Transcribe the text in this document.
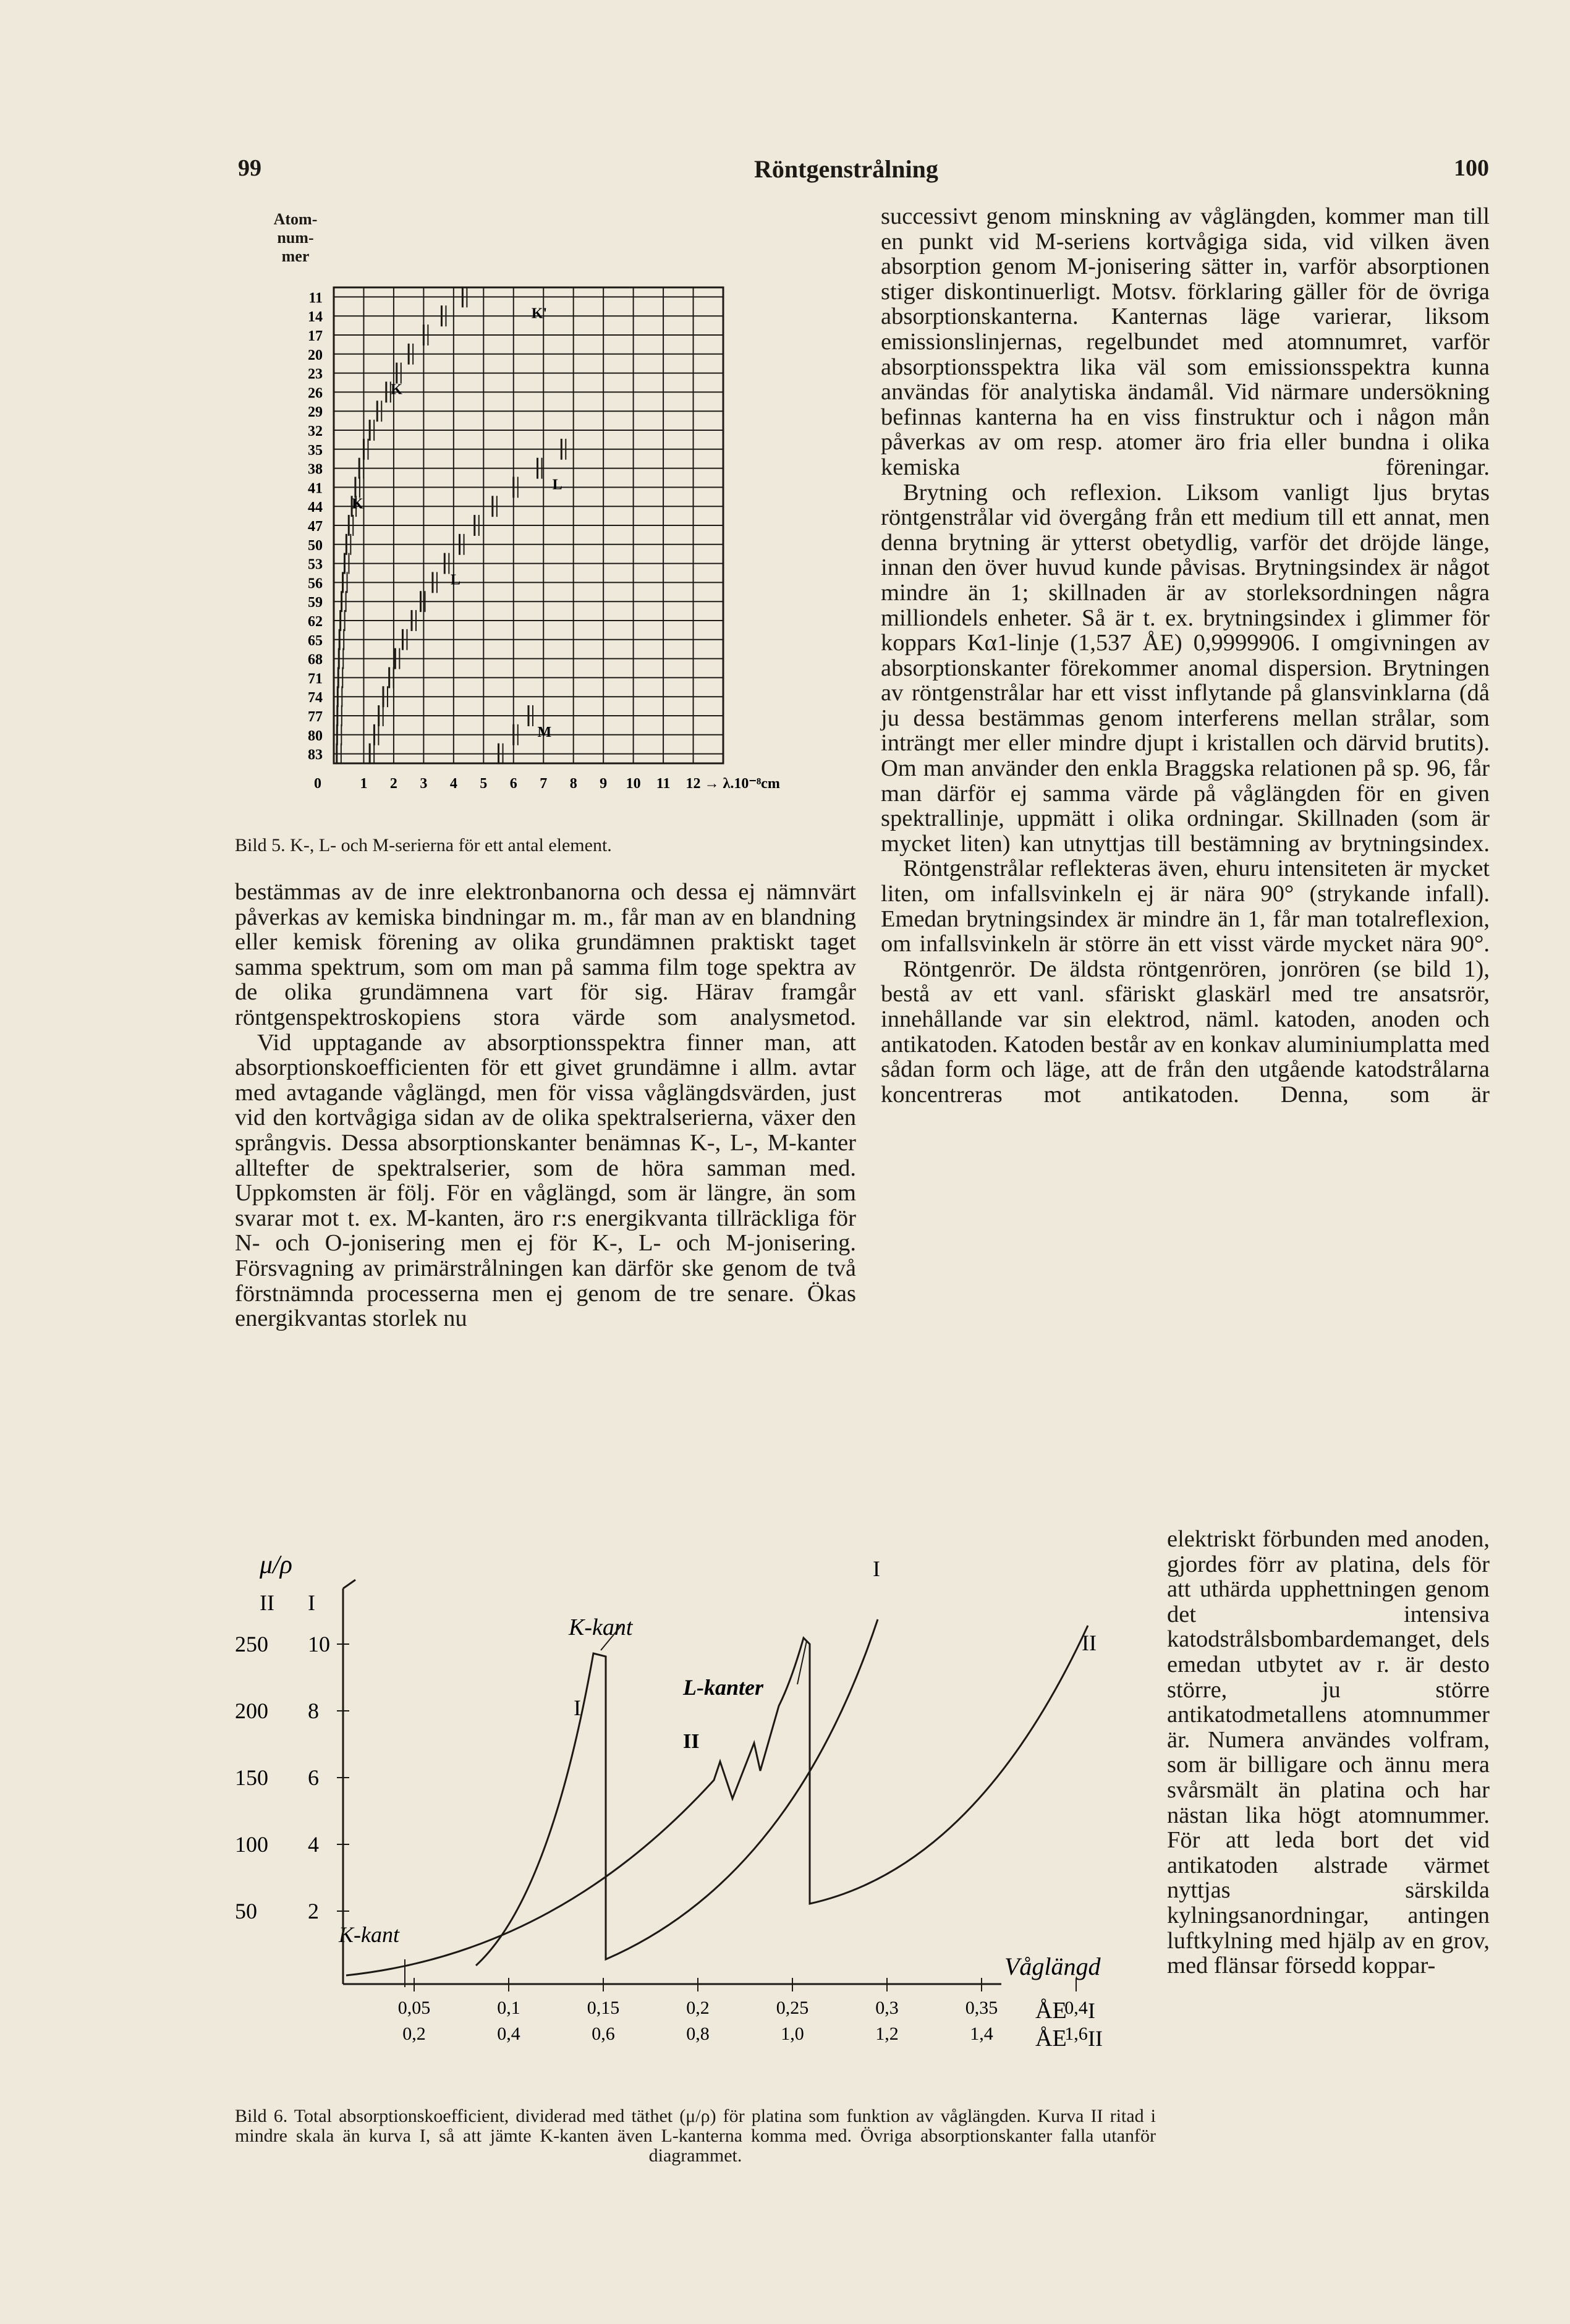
99	Röntgenstrålning	100
Atom-
num-
mer
11
14
17
20
23
26
29
32
35
38
41
44
47
50
53
56
59
62
65
68
71
74
77
80
83
0	1 2 3 4 5 6 7 8 9 10 11 12 → λ.10⁻⁸cm
K
K'
L
L
M
K
Bild 5. K-, L- och M-serierna för ett antal element.

bestämmas av de inre elektronbanorna och dessa ej nämnvärt påverkas av kemiska bindningar m. m., får man av en blandning eller kemisk förening av olika grundämnen praktiskt taget samma spektrum, som om man på samma film toge spektra av de olika grundämnena vart för sig. Härav framgår röntgenspektroskopiens stora värde som analysmetod.

Vid upptagande av absorptionsspektra finner man, att absorptionskoefficienten för ett givet grundämne i allm. avtar med avtagande våglängd, men för vissa våglängdsvärden, just vid den kortvågiga sidan av de olika spektralserierna, växer den språngvis. Dessa absorptionskanter benämnas K-, L-, M-kanter alltefter de spektralserier, som de höra samman med. Uppkomsten är följ. För en våglängd, som är längre, än som svarar mot t. ex. M-kanten, äro r:s energikvanta tillräckliga för N- och O-jonisering men ej för K-, L- och M-jonisering. Försvagning av primärstrålningen kan därför ske genom de två förstnämnda processerna men ej genom de tre senare. Ökas energikvantas storlek nu

successivt genom minskning av våglängden, kommer man till en punkt vid M-seriens kortvågiga sida, vid vilken även absorption genom M-jonisering sätter in, varför absorptionen stiger diskontinuerligt. Motsv. förklaring gäller för de övriga absorptionskanterna. Kanternas läge varierar, liksom emissionslinjernas, regelbundet med atomnumret, varför absorptionsspektra lika väl som emissionsspektra kunna användas för analytiska ändamål. Vid närmare undersökning befinnas kanterna ha en viss finstruktur och i någon mån påverkas av om resp. atomer äro fria eller bundna i olika kemiska föreningar.

Brytning och reflexion. Liksom vanligt ljus brytas röntgenstrålar vid övergång från ett medium till ett annat, men denna brytning är ytterst obetydlig, varför det dröjde länge, innan den över huvud kunde påvisas. Brytningsindex är något mindre än 1; skillnaden är av storleksordningen några milliondels enheter. Så är t. ex. brytningsindex i glimmer för koppars Kα1-linje (1,537 ÅE) 0,9999906. I omgivningen av absorptionskanter förekommer anomal dispersion. Brytningen av röntgenstrålar har ett visst inflytande på glansvinklarna (då ju dessa bestämmas genom interferens mellan strålar, som inträngt mer eller mindre djupt i kristallen och därvid brutits). Om man använder den enkla Braggska relationen på sp. 96, får man därför ej samma värde på våglängden för en given spektrallinje, uppmätt i olika ordningar. Skillnaden (som är mycket liten) kan utnyttjas till bestämning av brytningsindex.

Röntgenstrålar reflekteras även, ehuru intensiteten är mycket liten, om infallsvinkeln ej är nära 90° (strykande infall). Emedan brytningsindex är mindre än 1, får man totalreflexion, om infallsvinkeln är större än ett visst värde mycket nära 90°.

Röntgenrör. De äldsta röntgenrören, jonrören (se bild 1), bestå av ett vanl. sfäriskt glaskärl med tre ansatsrör, innehållande var sin elektrod, näml. katoden, anoden och antikatoden. Katoden består av en konkav aluminiumplatta med sådan form och läge, att de från den utgående katodstrålarna koncentreras mot antikatoden. Denna, som är

elektriskt förbunden med anoden, gjordes förr av platina, dels för att uthärda upphettningen genom det intensiva katodstrålsbombardemanget, dels emedan utbytet av r. är desto större, ju större antikatodmetallens atomnummer är. Numera användes volfram, som är billigare och ännu mera svårsmält än platina och har nästan lika högt atomnummer. För att leda bort det vid antikatoden alstrade värmet nyttjas särskilda kylningsanordningar, antingen luftkylning med hjälp av en grov, med flänsar försedd koppar-

μ/ρ
II I
Våglängd
ÅE I
ÅE II
K-kant
L-kanter
K-kant
I
I
II
II
250 10
200 8
150 6
100 4
50 2
0,05
0,2
0,1
0,4
0,15
0,6
0,2
0,8
0,25
1,0
0,3
1,2
0,35
1,4
0,4
1,6
Bild 6. Total absorptionskoefficient, dividerad med täthet (μ/ρ) för platina som funktion av våglängden. Kurva II ritad i mindre skala än kurva I, så att jämte K-kanten även L-kanterna komma med. Övriga absorptionskanter falla utanför diagrammet.
